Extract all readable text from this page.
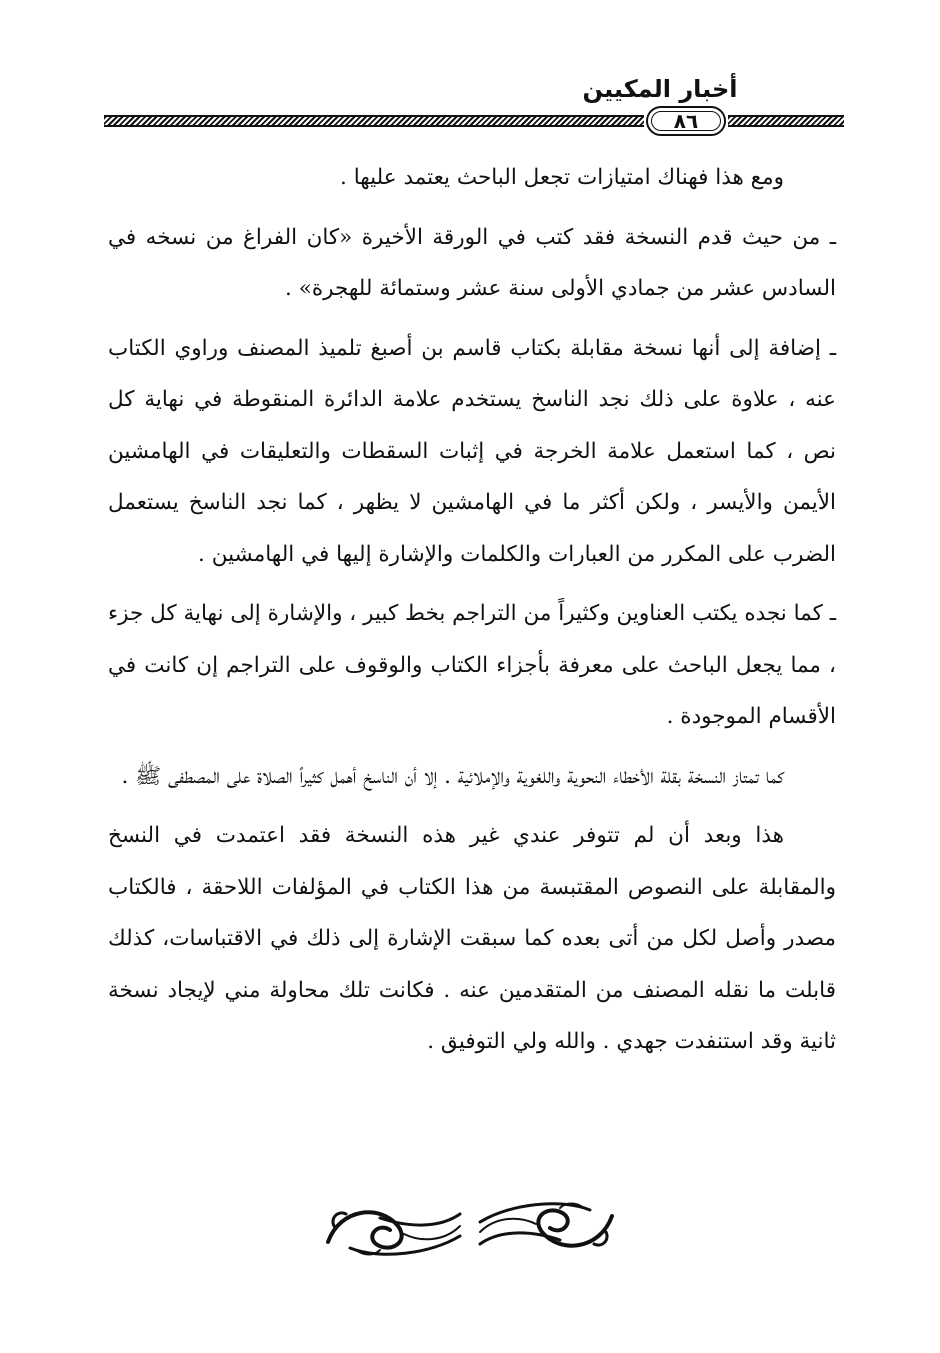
أخبار المكيين
٨٦

ومع هذا فهناك امتيازات تجعل الباحث يعتمد عليها .

ـ من حيث قدم النسخة فقد كتب في الورقة الأخيرة «كان الفراغ من نسخه في السادس عشر من جمادي الأولى سنة عشر وستمائة للهجرة» .

ـ إضافة إلى أنها نسخة مقابلة بكتاب قاسم بن أصبغ تلميذ المصنف وراوي الكتاب عنه ، علاوة على ذلك نجد الناسخ يستخدم علامة الدائرة المنقوطة في نهاية كل نص ، كما استعمل علامة الخرجة في إثبات السقطات والتعليقات في الهامشين الأيمن والأيسر ، ولكن أكثر ما في الهامشين لا يظهر ، كما نجد الناسخ يستعمل الضرب على المكرر من العبارات والكلمات والإشارة إليها في الهامشين .

ـ كما نجده يكتب العناوين وكثيراً من التراجم بخط كبير ، والإشارة إلى نهاية كل جزء ، مما يجعل الباحث على معرفة بأجزاء الكتاب والوقوف على التراجم إن كانت في الأقسام الموجودة .

كما تمتاز النسخة بقلة الأخطاء النحوية واللغوية والإملائية . إلا أن الناسخ أهمل كثيراً الصلاة على المصطفى ﷺ .

هذا وبعد أن لم تتوفر عندي غير هذه النسخة فقد اعتمدت في النسخ والمقابلة على النصوص المقتبسة من هذا الكتاب في المؤلفات اللاحقة ، فالكتاب مصدر وأصل لكل من أتى بعده كما سبقت الإشارة إلى ذلك في الاقتباسات، كذلك قابلت ما نقله المصنف من المتقدمين عنه . فكانت تلك محاولة مني لإيجاد نسخة ثانية وقد استنفدت جهدي . والله ولي التوفيق .
